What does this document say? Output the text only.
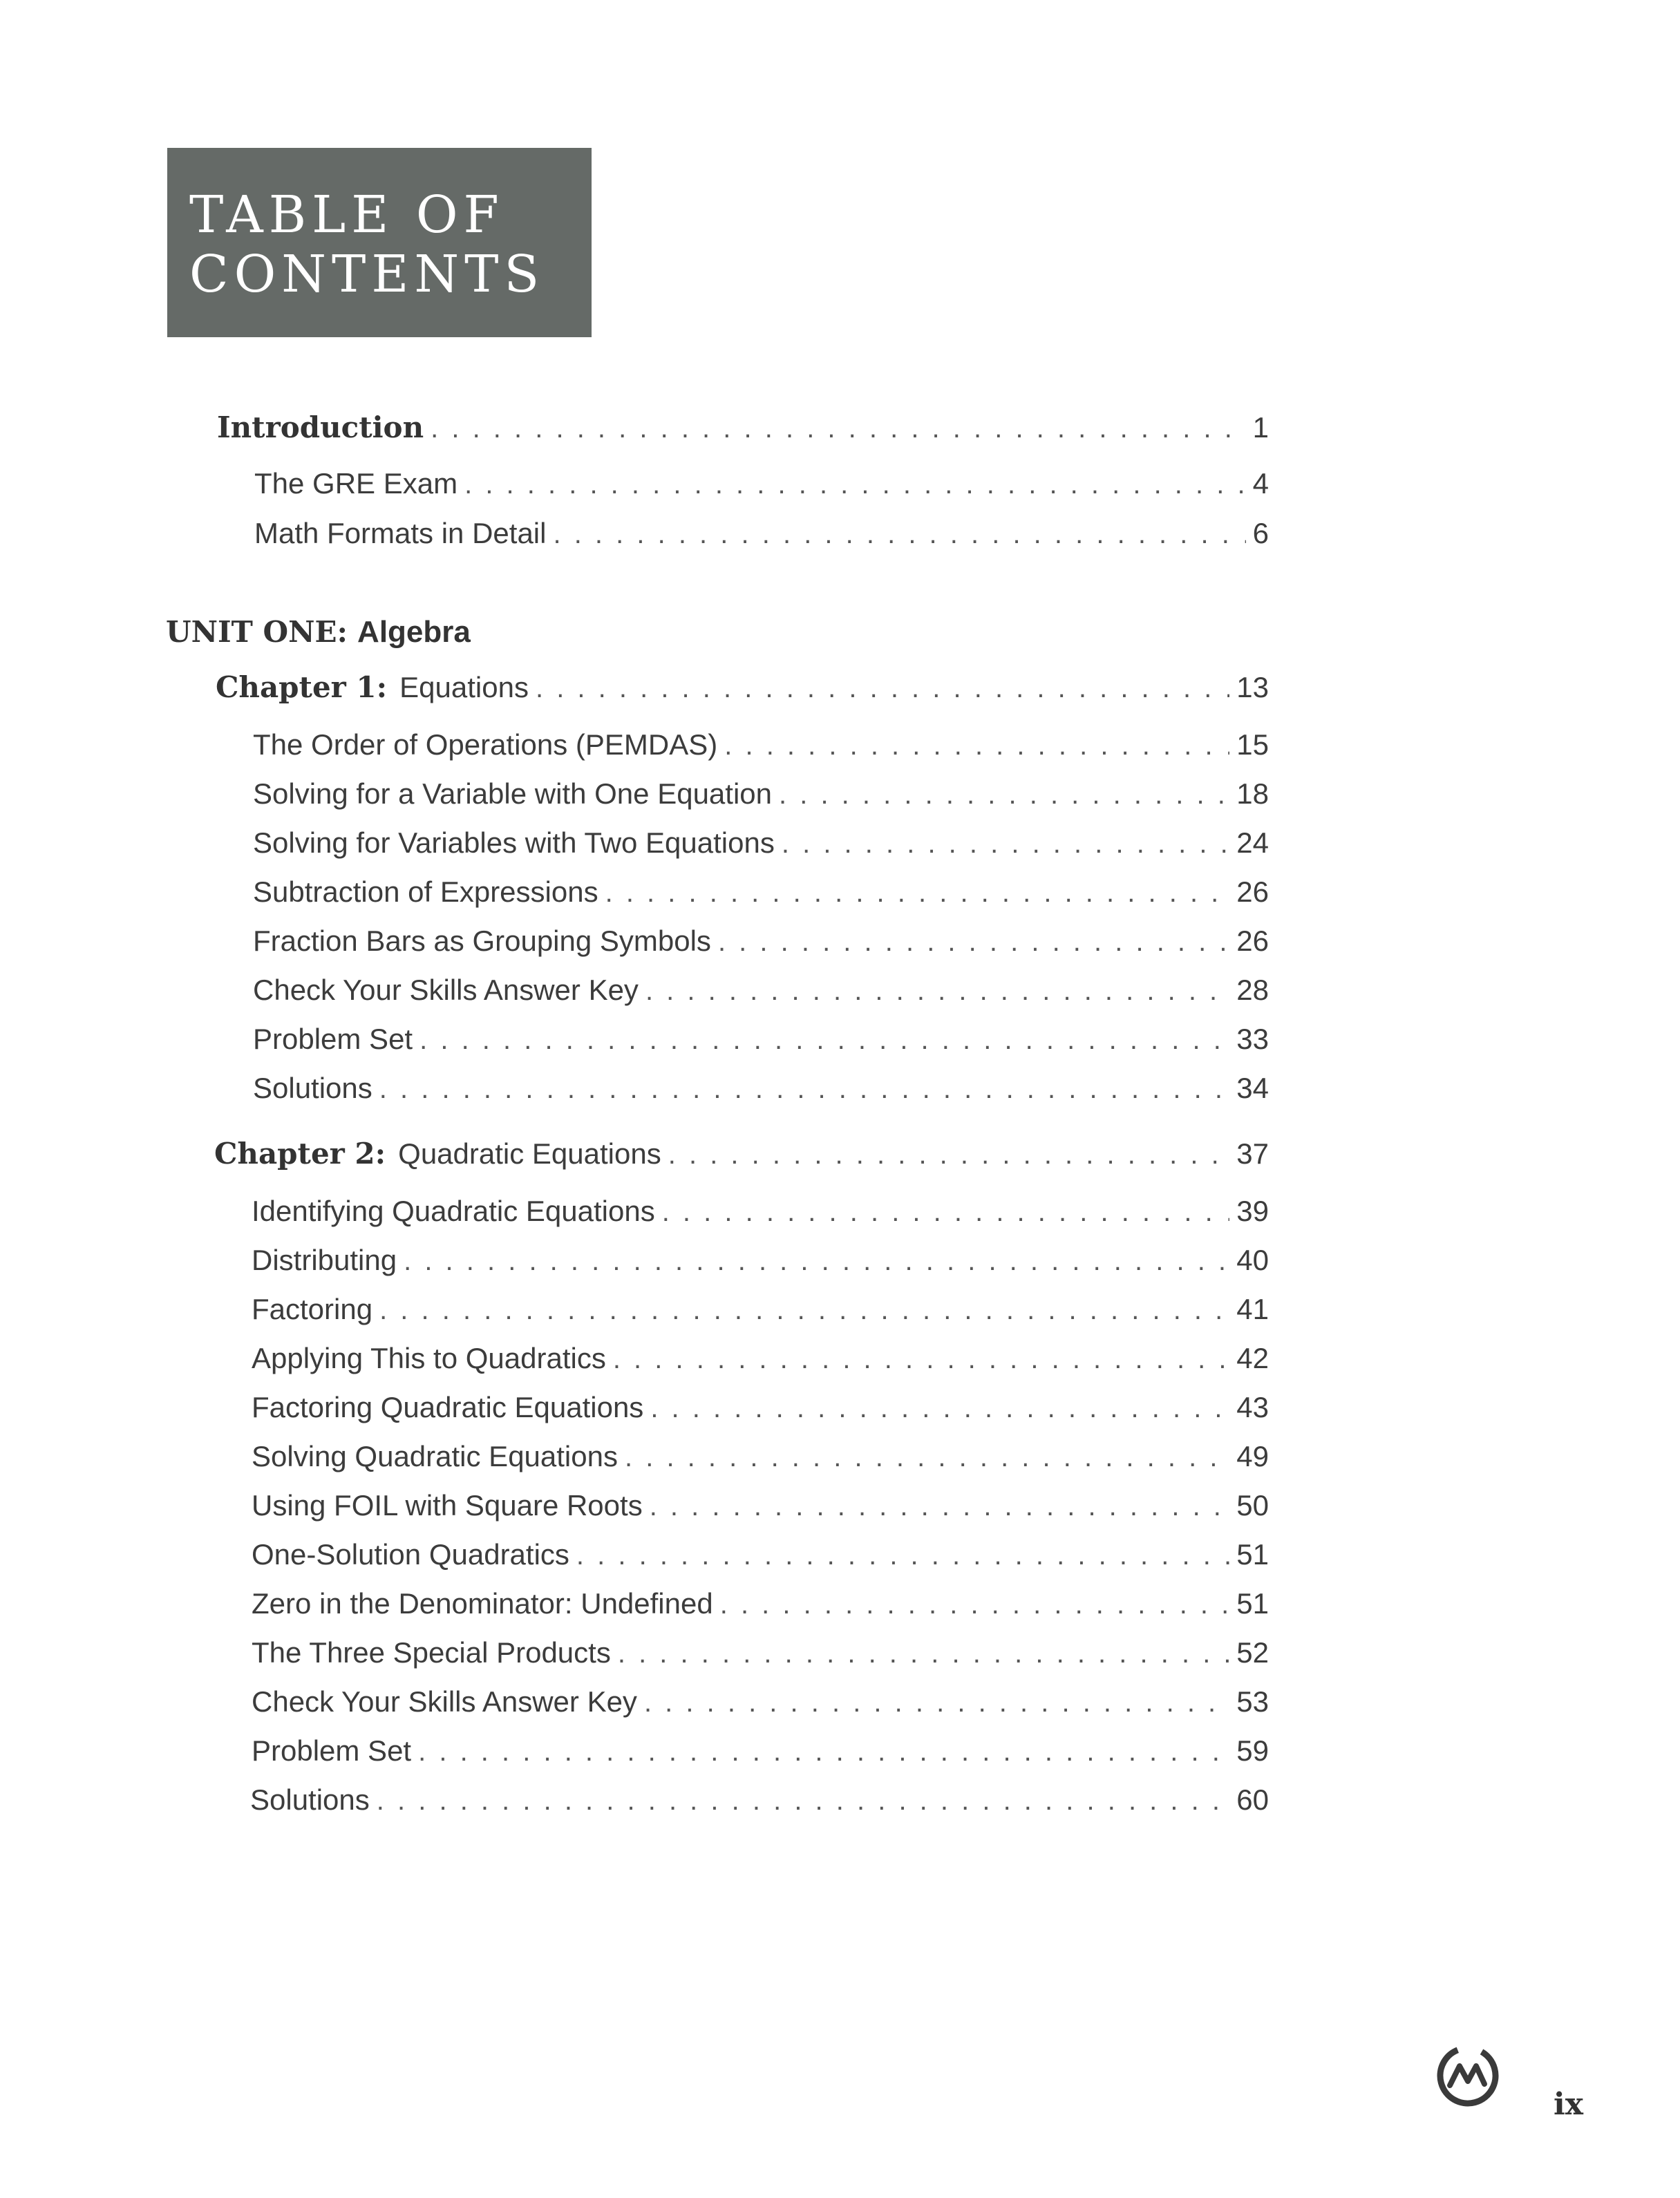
TABLE OF
CONTENTS
Introduction . . .	1
The GRE Exam . . .	4
Math Formats in Detail . . .	6
UNIT ONE: Algebra
Chapter 1: Equations . . .	13
The Order of Operations (PEMDAS) . . .	15
Solving for a Variable with One Equation . . .	18
Solving for Variables with Two Equations . . .	24
Subtraction of Expressions . . .	26
Fraction Bars as Grouping Symbols . . .	26
Check Your Skills Answer Key . . .	28
Problem Set . . .	33
Solutions . . .	34
Chapter 2: Quadratic Equations . . .	37
Identifying Quadratic Equations . . .	39
Distributing . . .	40
Factoring . . .	41
Applying This to Quadratics . . .	42
Factoring Quadratic Equations . . .	43
Solving Quadratic Equations . . .	49
Using FOIL with Square Roots . . .	50
One-Solution Quadratics . . .	51
Zero in the Denominator: Undefined . . .	51
The Three Special Products . . .	52
Check Your Skills Answer Key . . .	53
Problem Set . . .	59
Solutions . . .	60
ix
